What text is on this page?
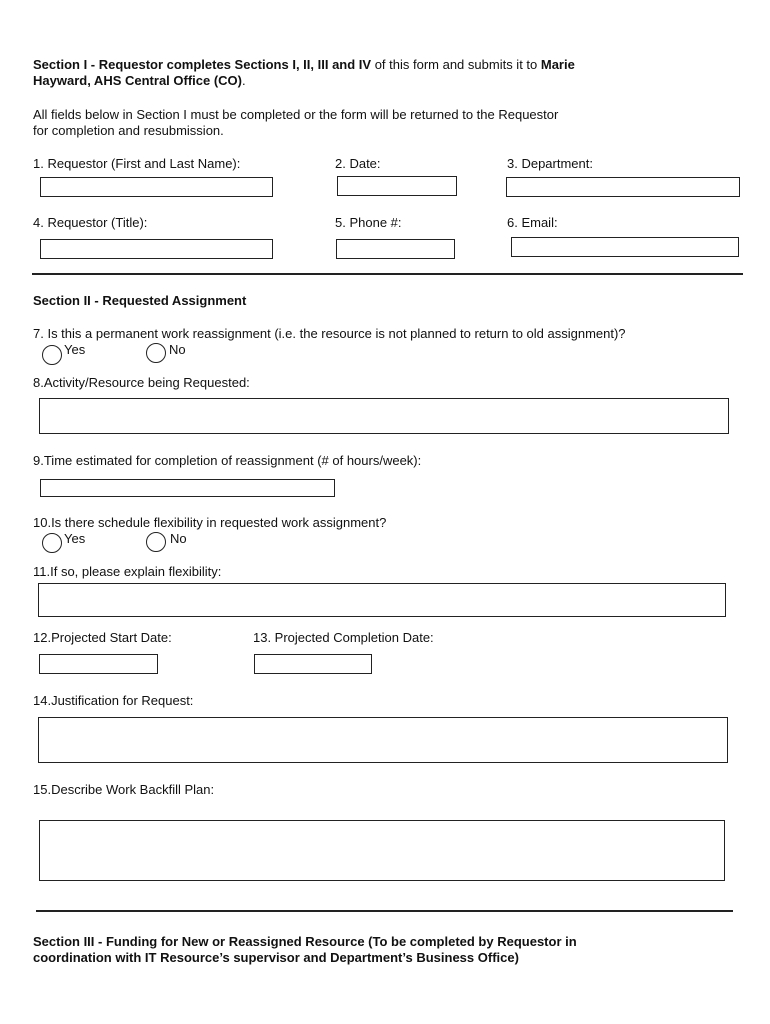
Section I - Requestor completes Sections I, II, III and IV of this form and submits it to Marie
Hayward, AHS Central Office (CO).
All fields below in Section I must be completed or the form will be returned to the Requestor
for completion and resubmission.
1. Requestor (First and Last Name):	2. Date:	3. Department:
4. Requestor (Title):	5. Phone #:	6. Email:
Section II - Requested Assignment
7. Is this a permanent work reassignment (i.e. the resource is not planned to return to old assignment)?
Yes	No
8.Activity/Resource being Requested:
9.Time estimated for completion of reassignment (# of hours/week):
10.Is there schedule flexibility in requested work assignment?
Yes	No
11.If so, please explain flexibility:
12.Projected Start Date:	13. Projected Completion Date:
14.Justification for Request:
15.Describe Work Backfill Plan:
Section III - Funding for New or Reassigned Resource (To be completed by Requestor in
coordination with IT Resource’s supervisor and Department’s Business Office)
